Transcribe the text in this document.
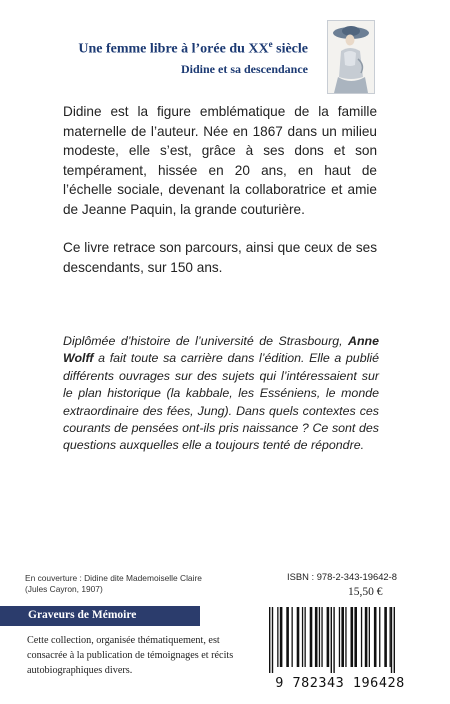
Une femme libre à l’orée du XXe siècle
Didine et sa descendance

Didine est la figure emblématique de la famille maternelle de l’auteur. Née en 1867 dans un milieu modeste, elle s’est, grâce à ses dons et son tempérament, hissée en 20 ans, en haut de l’échelle sociale, devenant la collaboratrice et amie de Jeanne Paquin, la grande couturière.

Ce livre retrace son parcours, ainsi que ceux de ses descendants, sur 150 ans.

Diplômée d’histoire de l’université de Strasbourg, Anne Wolff a fait toute sa carrière dans l’édition. Elle a publié différents ouvrages sur des sujets qui l’intéressaient sur le plan historique (la kabbale, les Esséniens, le monde extraordinaire des fées, Jung). Dans quels contextes ces courants de pensées ont-ils pris naissance ? Ce sont des questions auxquelles elle a toujours tenté de répondre.
En couverture : Didine dite Mademoiselle Claire
(Jules Cayron, 1907)
ISBN : 978-2-343-19642-8
15,50 €
Graveurs de Mémoire
Cette collection, organisée thématiquement, est consacrée à la publication de témoignages et récits autobiographiques divers.
9 782343 196428
